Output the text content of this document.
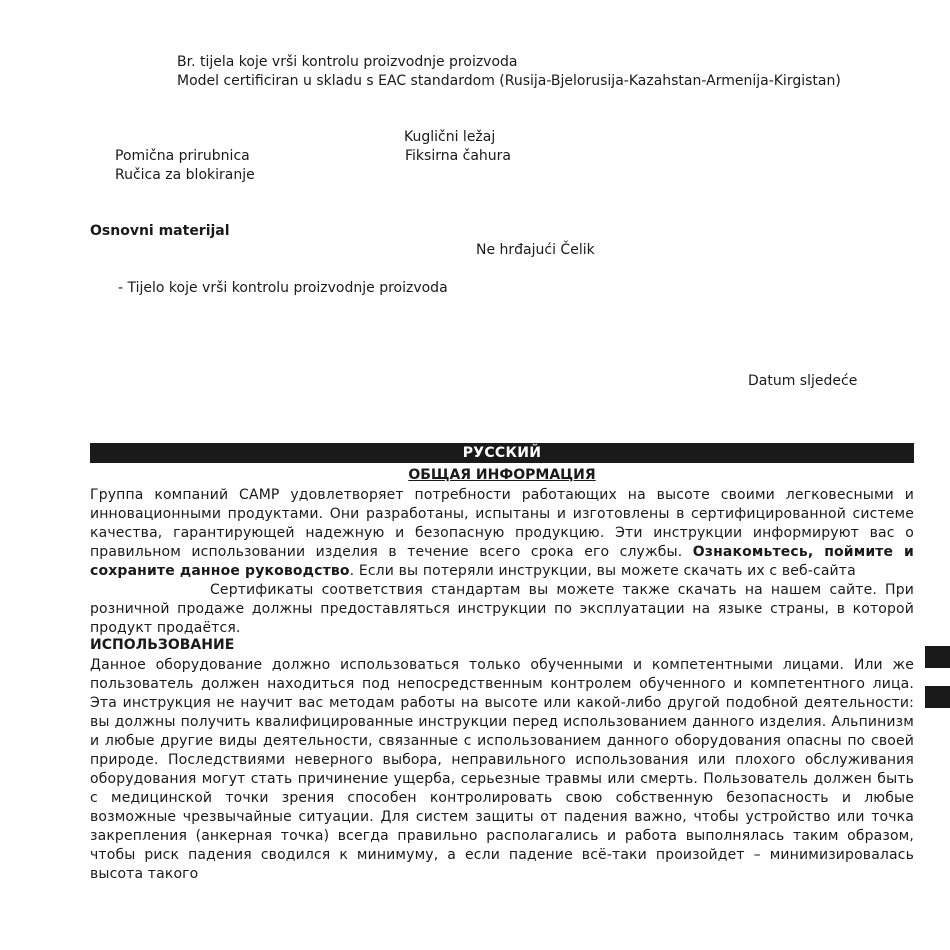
Br. tijela koje vrši kontrolu proizvodnje proizvoda
Model certificiran u skladu s EAC standardom (Rusija-Bjelorusija-Kazahstan-Armenija-Kirgistan)
Kuglični ležaj
Fiksirna čahura
Pomična prirubnica
Ručica za blokiranje
Osnovni materijal
Ne hrđajući Čelik
- Tijelo koje vrši kontrolu proizvodnje proizvoda
Datum sljedeće
РУССКИЙ
ОБЩАЯ ИНФОРМАЦИЯ
Группа компаний CAMP удовлетворяет потребности работающих на высоте своими легковесными и инновационными продуктами. Они разработаны, испытаны и изготовлены в сертифицированной системе качества, гарантирующей надежную и безопасную продукцию. Эти инструкции информируют вас о правильном использовании изделия в течение всего срока его службы. Ознакомьтесь, поймите и сохраните данное руководство. Если вы потеряли инструкции, вы можете скачать их с веб-сайта
Сертификаты соответствия стандартам вы можете также скачать на нашем сайте. При розничной продаже должны предоставляться инструкции по эксплуатации на языке страны, в которой продукт продаётся.
ИСПОЛЬЗОВАНИЕ
Данное оборудование должно использоваться только обученными и компетентными лицами. Или же пользователь должен находиться под непосредственным контролем обученного и компетентного лица. Эта инструкция не научит вас методам работы на высоте или какой-либо другой подобной деятельности: вы должны получить квалифицированные инструкции перед использованием данного изделия. Альпинизм и любые другие виды деятельности, связанные с использованием данного оборудования опасны по своей природе. Последствиями неверного выбора, неправильного использования или плохого обслуживания оборудования могут стать причинение ущерба, серьезные травмы или смерть. Пользователь должен быть с медицинской точки зрения способен контролировать свою собственную безопасность и любые возможные чрезвычайные ситуации. Для систем защиты от падения важно, чтобы устройство или точка закрепления (анкерная точка) всегда правильно располагались и работа выполнялась таким образом, чтобы риск падения сводился к минимуму, а если падение всё-таки произойдет – минимизировалась высота такого
